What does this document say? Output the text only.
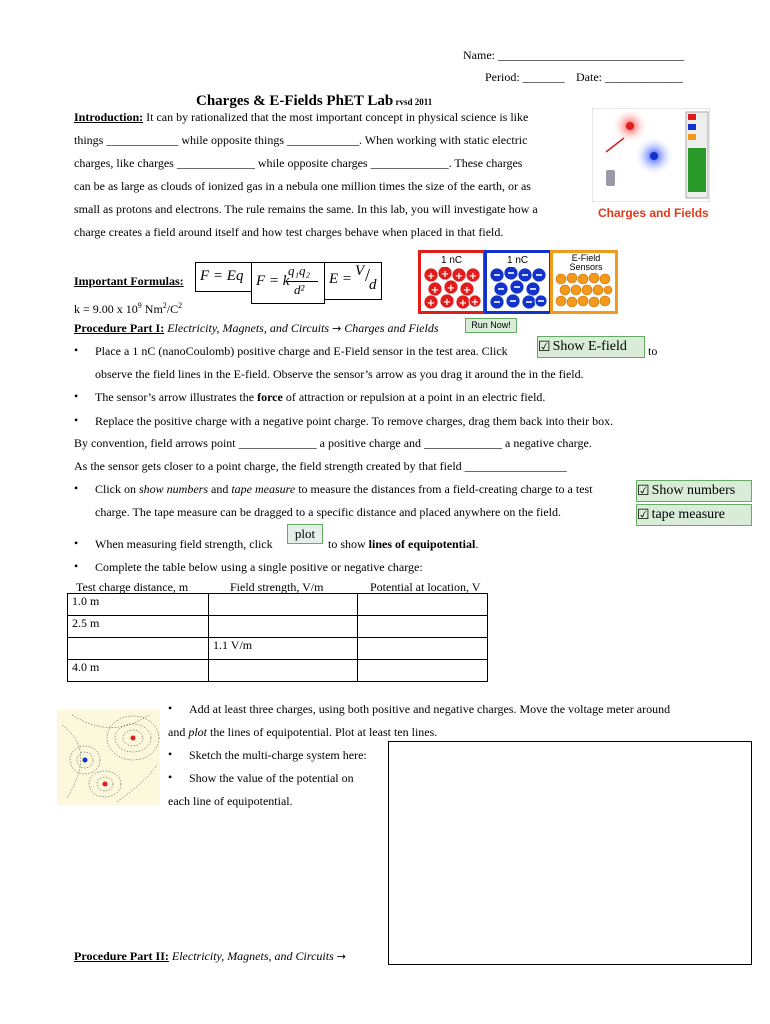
Name: _______________________________
Period: _______ Date: _____________
Charges & E-Fields PhET Lab rvsd 2011
Introduction: It can by rationalized that the most important concept in physical science is like
things ____________ while opposite things ____________. When working with static electric
charges, like charges _____________ while opposite charges _____________. These charges
can be as large as clouds of ionized gas in a nebula one million times the size of the earth, or as
small as protons and electrons. The rule remains the same. In this lab, you will investigate how a
charge creates a field around itself and how test charges behave when placed in that field.
Charges and Fields
Important Formulas: F = Eq F = k
q₁q₂
d²
E = V /
d
1 nC
+ + + +
+ + +
+ + + +
1 nC	E-Field Sensors
k = 9.00 x $10^9$ $Nm^2/C^2$
Procedure Part I: Electricity, Magnets, and Circuits → Charges and Fields	Run Now!
• Place a 1 nC (nanoCoulomb) positive charge and E-Field sensor in the test area. Click ☑ Show E-field	to
observe the field lines in the E-field. Observe the sensor’s arrow as you drag it around the in the field.
• The sensor’s arrow illustrates the force of attraction or repulsion at a point in an electric field.
• Replace the positive charge with a negative point charge. To remove charges, drag them back into their box.
By convention, field arrows point _____________ a positive charge and _____________ a negative charge.
As the sensor gets closer to a point charge, the field strength created by that field _________________
• Click on show numbers and tape measure to measure the distances from a field-creating charge to a test
charge. The tape measure can be dragged to a specific distance and placed anywhere on the field.
☑ Show numbers
☑ tape measure
• When measuring field strength, click
plot
to show lines of equipotential.
• Complete the table below using a single positive or negative charge:
Test charge distance, m	Field strength, V/m	Potential at location, V
1.0 m		
2.5 m		
	1.1 V/m	
4.0 m		
• Add at least three charges, using both positive and negative charges. Move the voltage meter around
and plot the lines of equipotential. Plot at least ten lines.
• Sketch the multi-charge system here:
• Show the value of the potential on
each line of equipotential.
Procedure Part II: Electricity, Magnets, and Circuits →
